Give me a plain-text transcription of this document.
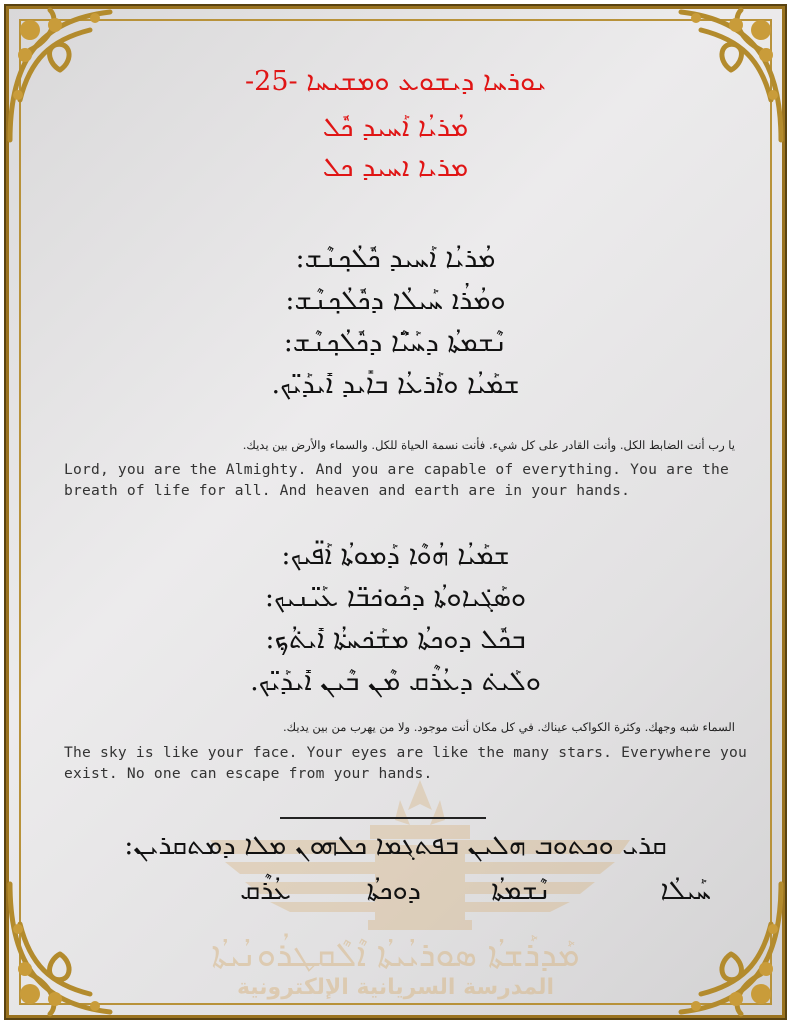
ܡܰܕܪܰܫܬܳܐ ܣܘܪܝܳܝܬܳܐ ܐܶܠܶܩܛܪܳܘܢܳܝܬܳܐ
المدرسة السريانية الإلكترونية
ܝܘܪܚܐ ܕܝܫܘܥ ܘܡܫܝܚܐ -25-
ܡܳܪܝܳܐ ܐܰܚܝܕ ܟܽܠ
ܡܪܝܐ ܐܚܝܕ ܟܠ
ܡܳܪܝܳܐ ܐܰܚܝܕ ܟܽܠܳܟ݂ܢܶܫ:
ܘܡܳܪܳܐ ܚܰܝܠܳܐ ܕܟܽܠܳܟ݂ܢܶܫ:
ܢܶܫܡܬܳܐ ܕܚܰܝ̈ܶܐ ܕܟܽܠܳܟ݂ܢܶܫ:
ܫܡܰܝܳܐ ܘܐܰܪܥܳܐ ܒܐܺܝܕ ܐܺܝܕܰܝ̈ܟ.
يا رب أنت الضابط الكل. وأنت القادر على كل شيء. فأنت نسمة الحياة للكل. والسماء والأرض بين يديك.
Lord, you are the Almighty. And you are capable of everything. You are the breath of life for all. And heaven and earth are in your hands.
ܫܡܰܝܳܐ ܗܳܘܶܐ ܕܰܡܘܬܳܐ ܐܰܦ̈ܝܟ:
ܘܣܰܓ݁ܝܐܘܬܳܐ ܕܟܰܘܟ݁ܒ̈ܐ ܥܰܝ̈ܢܝܟ:
ܒܟܽܠ ܕܘܟܬܳܐ ܡܫܰܟ݁ܚܬ݁ܳܐ ܐܺܝܬ݁ܳܟ݂:
ܘܠܰܝܬ݁ ܕܥܳܪܶܩ ܡܶܢ ܒܶܝܢ ܐܺܝܕܰܝ̈ܟ.
السماء شبه وجهك. وكثرة الكواكب عيناك. في كل مكان أنت موجود. ولا من يهرب من بين يديك.
The sky is like your face. Your eyes are like the many stars. Everywhere you exist. No one can escape from your hands.
ܩܪܝ ܘܟܬܘܒ ܗܠܝܢ ܒܦܬܓܡܐ ܟܠܗܘܢ ܡܠܐ ܕܡܬܩܪܝܢ:
ܚܰܝܠܳܐ
ܢܶܫܡܬܳܐ
ܕܘܟܬܳܐ
ܥܳܪܶܩ
